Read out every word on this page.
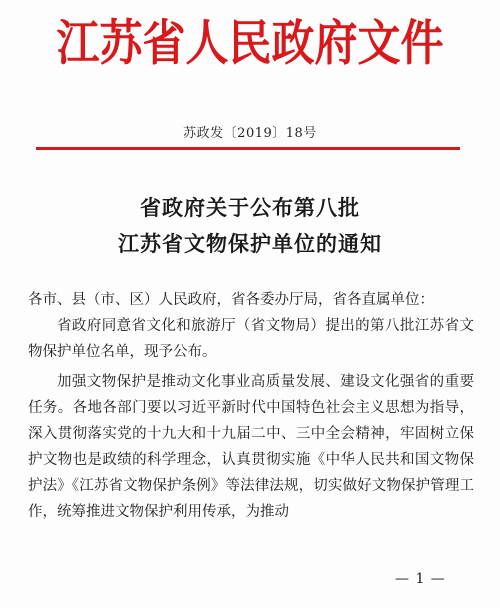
江苏省人民政府文件
苏政发〔2019〕18号
省政府关于公布第八批
江苏省文物保护单位的通知

各市、县（市、区）人民政府，省各委办厅局，省各直属单位：

省政府同意省文化和旅游厅（省文物局）提出的第八批江苏省文物保护单位名单，现予公布。

加强文物保护是推动文化事业高质量发展、建设文化强省的重要任务。各地各部门要以习近平新时代中国特色社会主义思想为指导，深入贯彻落实党的十九大和十九届二中、三中全会精神，牢固树立保护文物也是政绩的科学理念，认真贯彻实施《中华人民共和国文物保护法》《江苏省文物保护条例》等法律法规，切实做好文物保护管理工作，统筹推进文物保护利用传承，为推动

— 1 —
